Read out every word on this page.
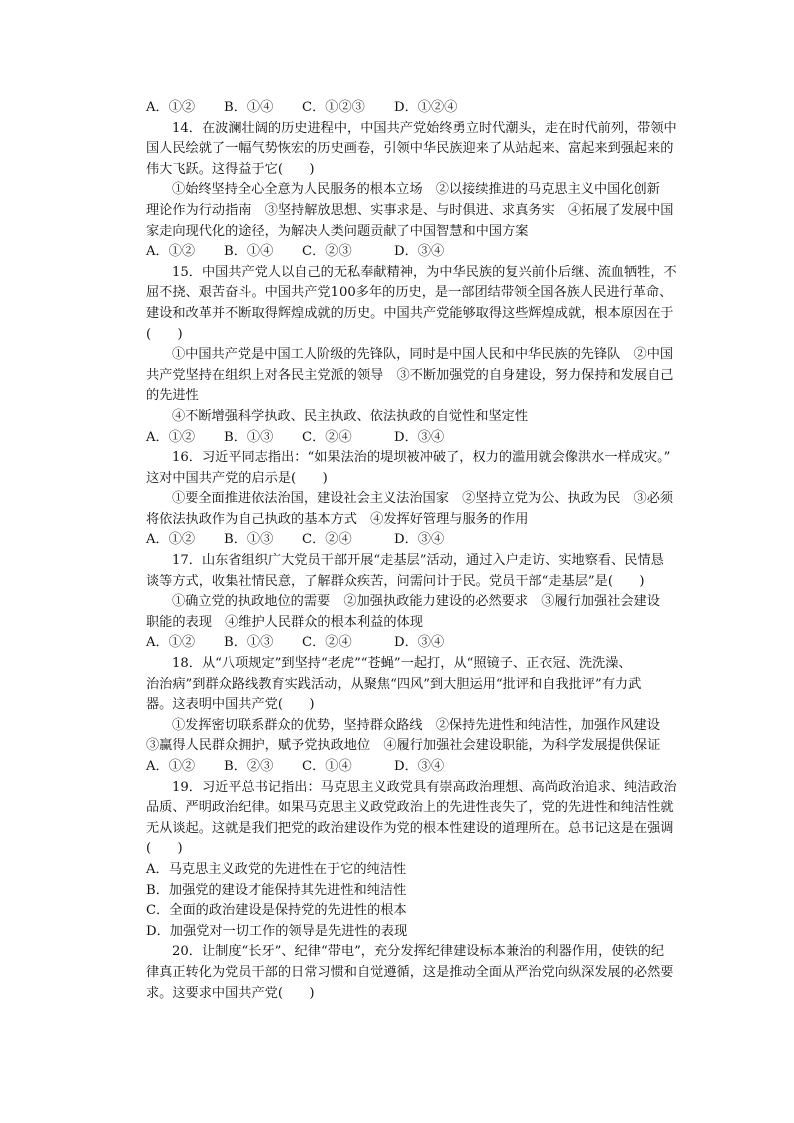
A．①② B．①④ C．①②③ D．①②④
14．在波澜壮阔的历史进程中，中国共产党始终勇立时代潮头，走在时代前列，带领中
国人民绘就了一幅气势恢宏的历史画卷，引领中华民族迎来了从站起来、富起来到强起来的
伟大飞跃。这得益于它(　　)
①始终坚持全心全意为人民服务的根本立场　②以接续推进的马克思主义中国化创新
理论作为行动指南　③坚持解放思想、实事求是、与时俱进、求真务实　④拓展了发展中国
家走向现代化的途径，为解决人类问题贡献了中国智慧和中国方案
A．①② B．①④ C．②③	D．③④
15．中国共产党人以自己的无私奉献精神，为中华民族的复兴前仆后继、流血牺牲，不
屈不挠、艰苦奋斗。中国共产党100多年的历史，是一部团结带领全国各族人民进行革命、
建设和改革并不断取得辉煌成就的历史。中国共产党能够取得这些辉煌成就，根本原因在于
(　　)
①中国共产党是中国工人阶级的先锋队，同时是中国人民和中华民族的先锋队　②中国
共产党坚持在组织上对各民主党派的领导　③不断加强党的自身建设，努力保持和发展自己
的先进性
④不断增强科学执政、民主执政、依法执政的自觉性和坚定性
A．①② B．①③ C．②④	D．③④
16．习近平同志指出：“如果法治的堤坝被冲破了，权力的滥用就会像洪水一样成灾。”
这对中国共产党的启示是(　　)
①要全面推进依法治国，建设社会主义法治国家　②坚持立党为公、执政为民　③必须
将依法执政作为自己执政的基本方式　④发挥好管理与服务的作用
A．①② B．①③ C．②④	D．③④
17．山东省组织广大党员干部开展“走基层”活动，通过入户走访、实地察看、民情恳
谈等方式，收集社情民意，了解群众疾苦，问需问计于民。党员干部“走基层”是(　　)
①确立党的执政地位的需要　②加强执政能力建设的必然要求　③履行加强社会建设
职能的表现　④维护人民群众的根本利益的体现
A．①② B．①③ C．②④	D．③④
18．从“八项规定”到坚持“老虎”“苍蝇”一起打，从“照镜子、正衣冠、洗洗澡、
治治病”到群众路线教育实践活动，从聚焦“四风”到大胆运用“批评和自我批评”有力武
器。这表明中国共产党(　　)
①发挥密切联系群众的优势，坚持群众路线　②保持先进性和纯洁性，加强作风建设
③赢得人民群众拥护，赋予党执政地位　④履行加强社会建设职能，为科学发展提供保证
A．①② B．②③ C．①④	D．③④
19．习近平总书记指出：马克思主义政党具有崇高政治理想、高尚政治追求、纯洁政治
品质、严明政治纪律。如果马克思主义政党政治上的先进性丧失了，党的先进性和纯洁性就
无从谈起。这就是我们把党的政治建设作为党的根本性建设的道理所在。总书记这是在强调
(　　)
A．马克思主义政党的先进性在于它的纯洁性
B．加强党的建设才能保持其先进性和纯洁性
C．全面的政治建设是保持党的先进性的根本
D．加强党对一切工作的领导是先进性的表现
20．让制度“长牙”、纪律“带电”，充分发挥纪律建设标本兼治的利器作用，使铁的纪
律真正转化为党员干部的日常习惯和自觉遵循，这是推动全面从严治党向纵深发展的必然要
求。这要求中国共产党(　　)
